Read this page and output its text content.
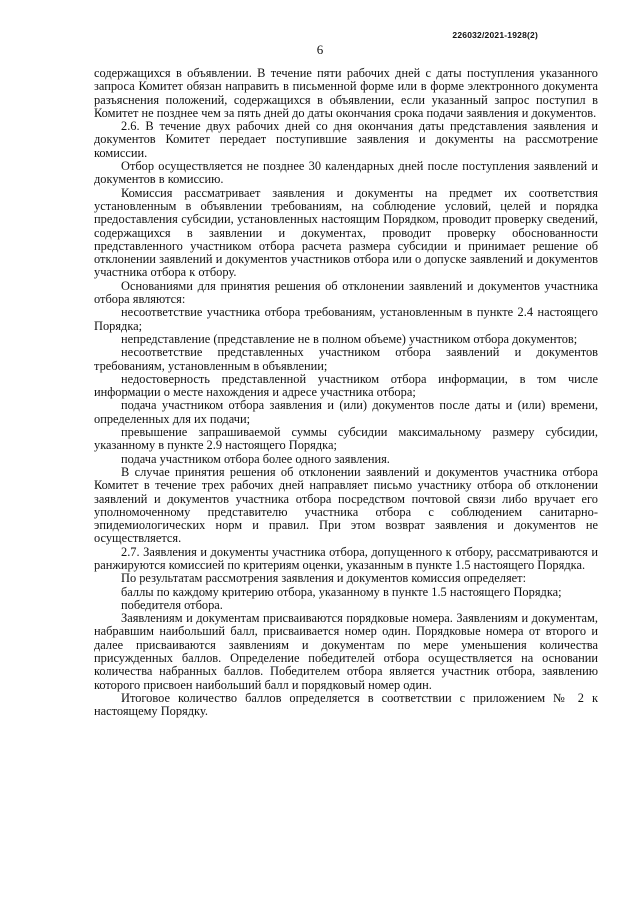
226032/2021-1928(2)
6

содержащихся в объявлении. В течение пяти рабочих дней с даты поступления указанного запроса Комитет обязан направить в письменной форме или в форме электронного документа разъяснения положений, содержащихся в объявлении, если указанный запрос поступил в Комитет не позднее чем за пять дней до даты окончания срока подачи заявления и документов.

2.6. В течение двух рабочих дней со дня окончания даты представления заявления и документов Комитет передает поступившие заявления и документы на рассмотрение комиссии.

Отбор осуществляется не позднее 30 календарных дней после поступления заявлений и документов в комиссию.

Комиссия рассматривает заявления и документы на предмет их соответствия установленным в объявлении требованиям, на соблюдение условий, целей и порядка предоставления субсидии, установленных настоящим Порядком, проводит проверку сведений, содержащихся в заявлении и документах, проводит проверку обоснованности представленного участником отбора расчета размера субсидии и принимает решение об отклонении заявлений и документов участников отбора или о допуске заявлений и документов участника отбора к отбору.

Основаниями для принятия решения об отклонении заявлений и документов участника отбора являются:

несоответствие участника отбора требованиям, установленным в пункте 2.4 настоящего Порядка;

непредставление (представление не в полном объеме) участником отбора документов;

несоответствие представленных участником отбора заявлений и документов требованиям, установленным в объявлении;

недостоверность представленной участником отбора информации, в том числе информации о месте нахождения и адресе участника отбора;

подача участником отбора заявления и (или) документов после даты и (или) времени, определенных для их подачи;

превышение запрашиваемой суммы субсидии максимальному размеру субсидии, указанному в пункте 2.9 настоящего Порядка;

подача участником отбора более одного заявления.

В случае принятия решения об отклонении заявлений и документов участника отбора Комитет в течение трех рабочих дней направляет письмо участнику отбора об отклонении заявлений и документов участника отбора посредством почтовой связи либо вручает его уполномоченному представителю участника отбора с соблюдением санитарно-эпидемиологических норм и правил. При этом возврат заявления и документов не осуществляется.

2.7. Заявления и документы участника отбора, допущенного к отбору, рассматриваются и ранжируются комиссией по критериям оценки, указанным в пункте 1.5 настоящего Порядка.

По результатам рассмотрения заявления и документов комиссия определяет:

баллы по каждому критерию отбора, указанному в пункте 1.5 настоящего Порядка;

победителя отбора.

Заявлениям и документам присваиваются порядковые номера. Заявлениям и документам, набравшим наибольший балл, присваивается номер один. Порядковые номера от второго и далее присваиваются заявлениям и документам по мере уменьшения количества присужденных баллов. Определение победителей отбора осуществляется на основании количества набранных баллов. Победителем отбора является участник отбора, заявлению которого присвоен наибольший балл и порядковый номер один.

Итоговое количество баллов определяется в соответствии с приложением № 2 к настоящему Порядку.
